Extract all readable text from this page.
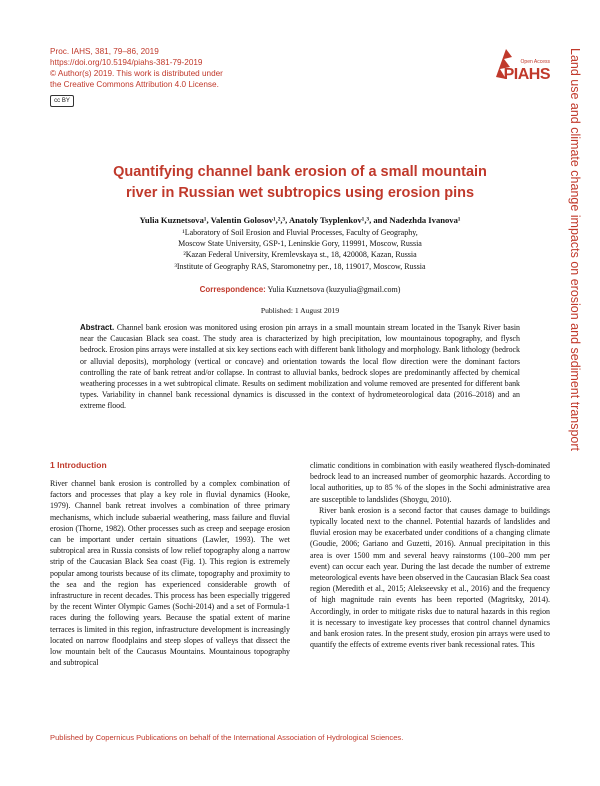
Proc. IAHS, 381, 79–86, 2019
https://doi.org/10.5194/piahs-381-79-2019
© Author(s) 2019. This work is distributed under
the Creative Commons Attribution 4.0 License.
cc BY
Open Access
PIAHS Land use and climate change impacts on erosion and sediment transport
Quantifying channel bank erosion of a small mountain
river in Russian wet subtropics using erosion pins
Yulia Kuznetsova¹, Valentin Golosov¹,²,³, Anatoly Tsyplenkov¹,³, and Nadezhda Ivanova¹
¹Laboratory of Soil Erosion and Fluvial Processes, Faculty of Geography,
Moscow State University, GSP-1, Leninskie Gory, 119991, Moscow, Russia
²Kazan Federal University, Kremlevskaya st., 18, 420008, Kazan, Russia
³Institute of Geography RAS, Staromonetny per., 18, 119017, Moscow, Russia
Correspondence: Yulia Kuznetsova (kuzyulia@gmail.com)
Published: 1 August 2019
Abstract. Channel bank erosion was monitored using erosion pin arrays in a small mountain stream located in the Tsanyk River basin near the Caucasian Black sea coast. The study area is characterized by high precipitation, low mountainous topography, and flysch bedrock. Erosion pins arrays were installed at six key sections each with different bank lithology and morphology. Bank lithology (bedrock or alluvial deposits), morphology (vertical or concave) and orientation towards the local flow direction were the dominant factors controlling the rate of bank retreat and/or collapse. In contrast to alluvial banks, bedrock slopes are predominantly affected by chemical weathering processes in a wet subtropical climate. Results on sediment mobilization and volume removed are presented for different bank types. Variability in channel bank recessional dynamics is discussed in the context of hydrometeorological data (2016–2018) and an extreme flood.
1 Introduction

River channel bank erosion is controlled by a complex combination of factors and processes that play a key role in fluvial dynamics (Hooke, 1979). Channel bank retreat involves a combination of three primary mechanisms, which include subaerial weathering, mass failure and fluvial erosion (Thorne, 1982). Other processes such as creep and seepage erosion can be important under certain situations (Lawler, 1993). The wet subtropical area in Russia consists of low relief topography along a narrow strip of the Caucasian Black Sea coast (Fig. 1). This region is extremely popular among tourists because of its climate, topography and proximity to the sea and the region has experienced considerable growth of infrastructure in recent decades. This process has been especially triggered by the recent Winter Olympic Games (Sochi-2014) and a set of Formula-1 races during the following years. Because the spatial extent of marine terraces is limited in this region, infrastructure development is increasingly located on narrow floodplains and steep slopes of valleys that dissect the low mountain belt of the Caucasus Mountains. Mountainous topography and subtropical

climatic conditions in combination with easily weathered flysch-dominated bedrock lead to an increased number of geomorphic hazards. According to local authorities, up to 85 % of the slopes in the Sochi administrative area are susceptible to landslides (Shoygu, 2010).

River bank erosion is a second factor that causes damage to buildings typically located next to the channel. Potential hazards of landslides and fluvial erosion may be exacerbated under conditions of a changing climate (Goudie, 2006; Gariano and Guzetti, 2016). Annual precipitation in this area is over 1500 mm and several heavy rainstorms (100–200 mm per event) can occur each year. During the last decade the number of extreme meteorological events have been observed in the Caucasian Black Sea coast region (Meredith et al., 2015; Alekseevsky et al., 2016) and the frequency of high magnitude rain events has been reported (Magritsky, 2014). Accordingly, in order to mitigate risks due to natural hazards in this region it is necessary to investigate key processes that control channel dynamics and bank erosion rates. In the present study, erosion pin arrays were used to quantify the effects of extreme events river bank recessional rates. This

Published by Copernicus Publications on behalf of the International Association of Hydrological Sciences.
